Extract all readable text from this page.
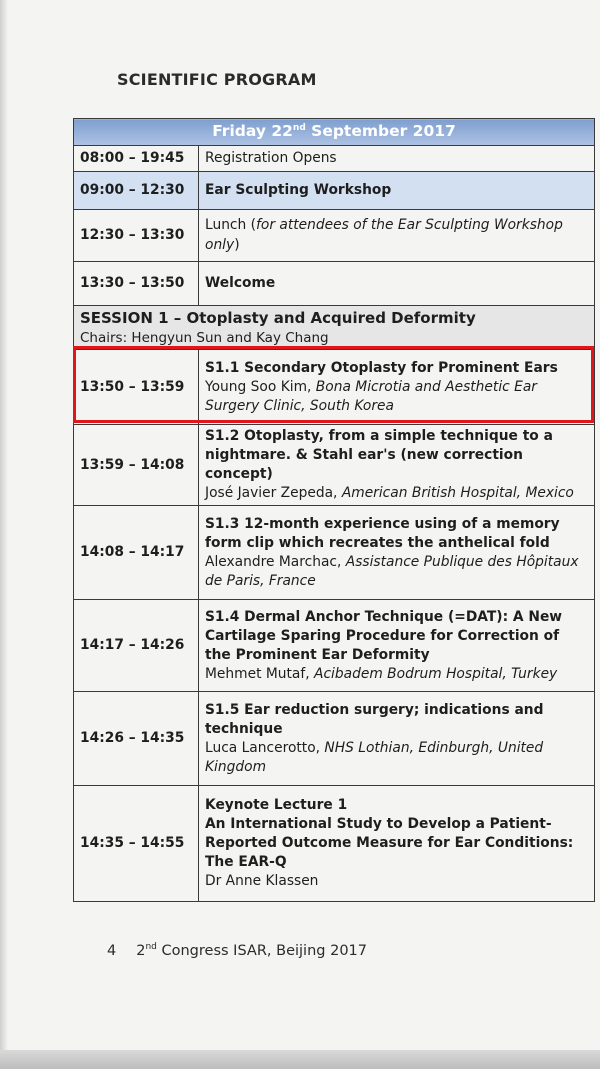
SCIENTIFIC PROGRAM
Friday 22nd September 2017	
08:00 – 19:45	Registration Opens
09:00 – 12:30	Ear Sculpting Workshop
12:30 – 13:30	Lunch (for attendees of the Ear Sculpting Workshop only)
13:30 – 13:50	Welcome

SESSION 1 – Otoplasty and Acquired Deformity
Chairs: Hengyun Sun and Kay Chang	

13:50 – 13:59	S1.1 Secondary Otoplasty for Prominent Ears
Young Soo Kim, Bona Microtia and Aesthetic Ear Surgery Clinic, South Korea

13:59 – 14:08	S1.2 Otoplasty, from a simple technique to a nightmare. & Stahl ear's (new correction concept)
José Javier Zepeda, American British Hospital, Mexico

14:08 – 14:17	S1.3 12-month experience using of a memory form clip which recreates the anthelical fold
Alexandre Marchac, Assistance Publique des Hôpitaux de Paris, France

14:17 – 14:26	S1.4 Dermal Anchor Technique (=DAT): A New Cartilage Sparing Procedure for Correction of the Prominent Ear Deformity
Mehmet Mutaf, Acibadem Bodrum Hospital, Turkey

14:26 – 14:35	S1.5 Ear reduction surgery; indications and technique
Luca Lancerotto, NHS Lothian, Edinburgh, United Kingdom

14:35 – 14:55	Keynote Lecture 1
An International Study to Develop a Patient-Reported Outcome Measure for Ear Conditions: The EAR-Q
Dr Anne Klassen
4 2nd Congress ISAR, Beijing 2017
